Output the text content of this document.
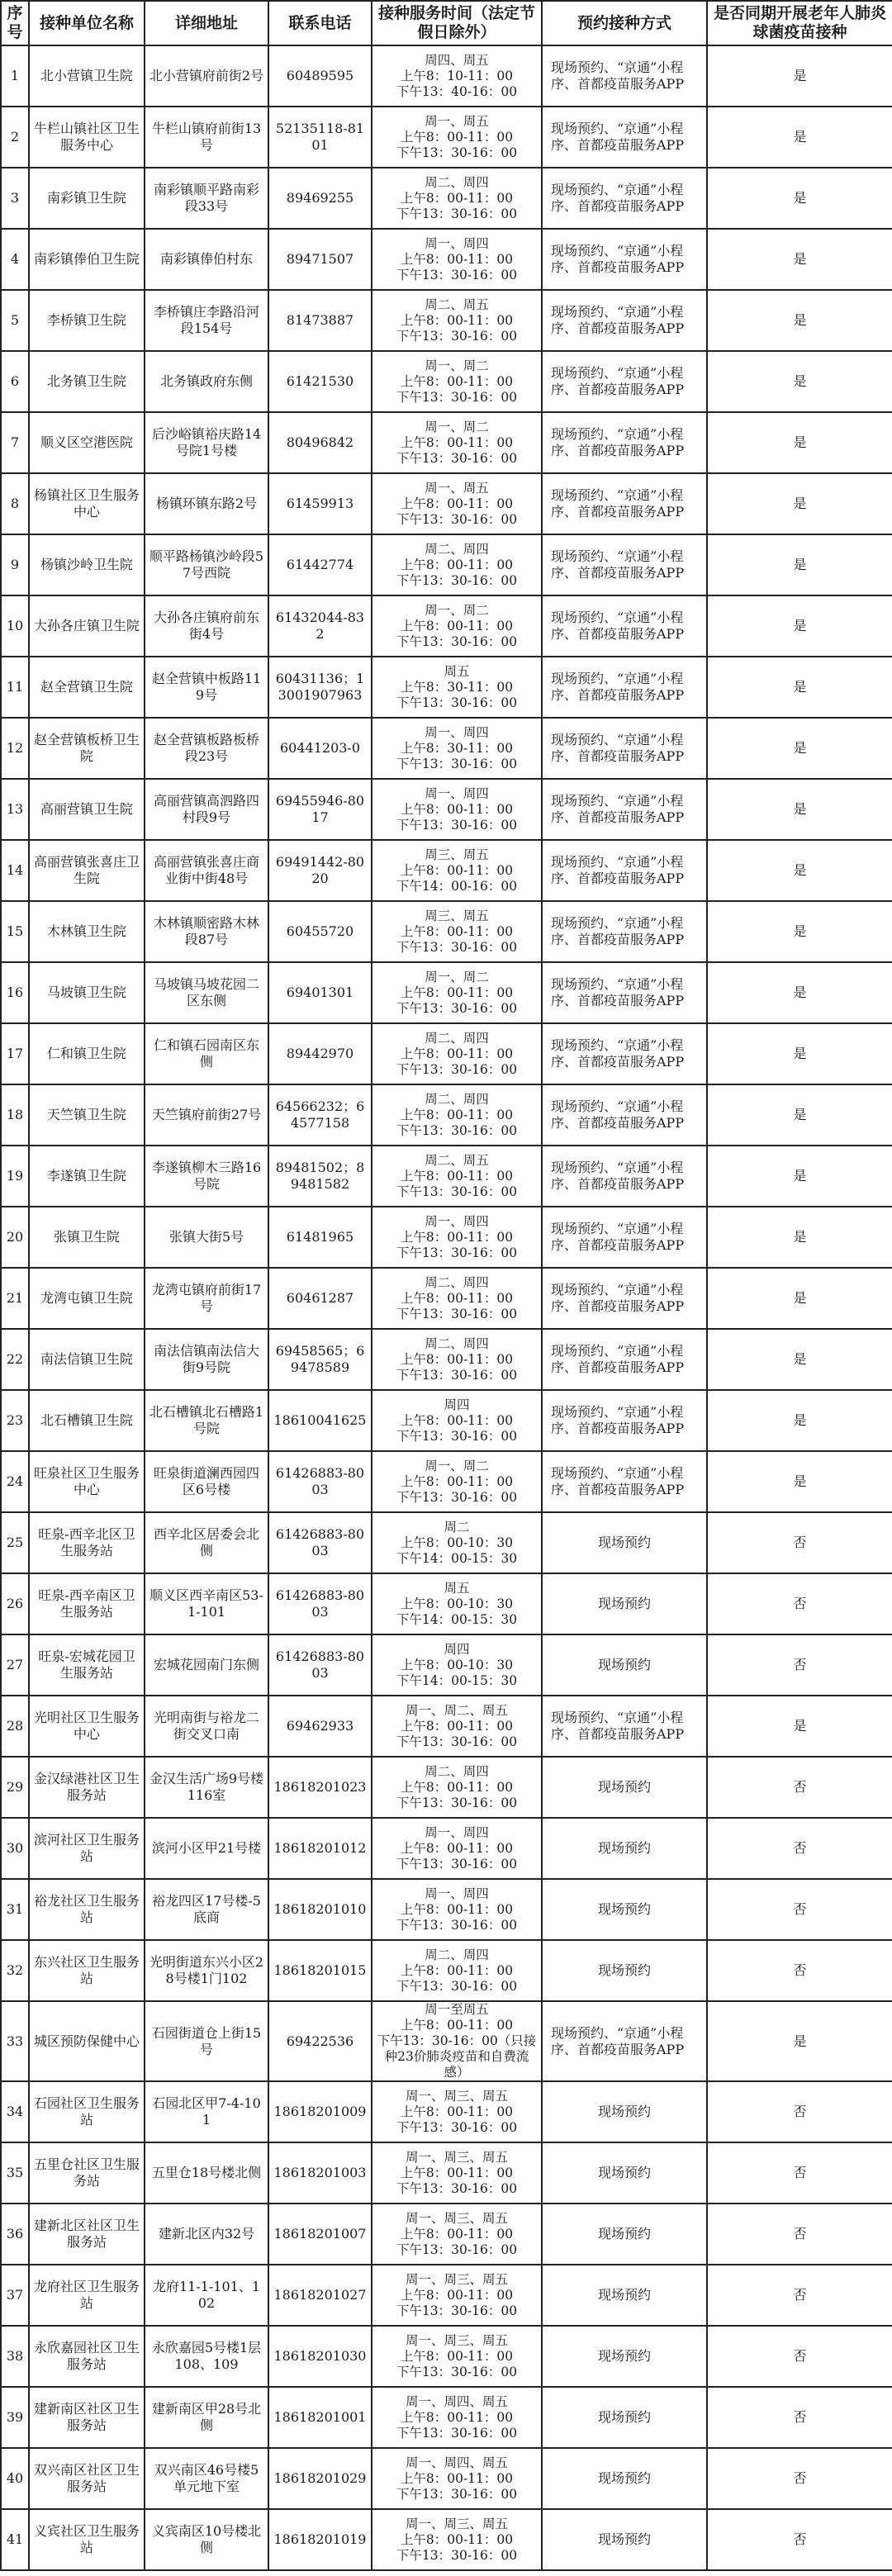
序号	接种单位名称	详细地址	联系电话	接种服务时间（法定节假日除外）	预约接种方式	是否同期开展老年人肺炎球菌疫苗接种
1	北小营镇卫生院	北小营镇府前街2号	60489595	周四、周五
上午8：10-11：00
下午13：40-16：00	现场预约、“京通”小程序、首都疫苗服务APP	是
2	牛栏山镇社区卫生服务中心	牛栏山镇府前街13号	52135118-8101	周一、周五
上午8：00-11：00
下午13：30-16：00	现场预约、“京通”小程序、首都疫苗服务APP	是
3	南彩镇卫生院	南彩镇顺平路南彩段33号	89469255	周二、周四
上午8：00-11：00
下午13：30-16：00	现场预约、“京通”小程序、首都疫苗服务APP	是
4	南彩镇俸伯卫生院	南彩镇俸伯村东	89471507	周一、周四
上午8：00-11：00
下午13：30-16：00	现场预约、“京通”小程序、首都疫苗服务APP	是
5	李桥镇卫生院	李桥镇庄李路沿河段154号	81473887	周二、周五
上午8：00-11：00
下午13：30-16：00	现场预约、“京通”小程序、首都疫苗服务APP	是
6	北务镇卫生院	北务镇政府东侧	61421530	周一、周二
上午8：00-11：00
下午13：30-16：00	现场预约、“京通”小程序、首都疫苗服务APP	是
7	顺义区空港医院	后沙峪镇裕庆路14号院1号楼	80496842	周一、周二
上午8：00-11：00
下午13：30-16：00	现场预约、“京通”小程序、首都疫苗服务APP	是
8	杨镇社区卫生服务中心	杨镇环镇东路2号	61459913	周一、周五
上午8：00-11：00
下午13：30-16：00	现场预约、“京通”小程序、首都疫苗服务APP	是
9	杨镇沙岭卫生院	顺平路杨镇沙岭段57号西院	61442774	周二、周四
上午8：00-11：00
下午13：30-16：00	现场预约、“京通”小程序、首都疫苗服务APP	是
10	大孙各庄镇卫生院	大孙各庄镇府前东街4号	61432044-832	周一、周二
上午8：00-11：00
下午13：30-16：00	现场预约、“京通”小程序、首都疫苗服务APP	是
11	赵全营镇卫生院	赵全营镇中板路119号	60431136；13001907963	周五
上午8：30-11：00
下午13：30-16：00	现场预约、“京通”小程序、首都疫苗服务APP	是
12	赵全营镇板桥卫生院	赵全营镇板路板桥段23号	60441203-0	周一、周四
上午8：30-11：00
下午13：30-16：00	现场预约、“京通”小程序、首都疫苗服务APP	是
13	高丽营镇卫生院	高丽营镇高泗路四村段9号	69455946-8017	周一、周四
上午8：00-11：00
下午13：30-16：00	现场预约、“京通”小程序、首都疫苗服务APP	是
14	高丽营镇张喜庄卫生院	高丽营镇张喜庄商业街中街48号	69491442-8020	周三、周五
上午8：00-11：00
下午14：00-16：00	现场预约、“京通”小程序、首都疫苗服务APP	是
15	木林镇卫生院	木林镇顺密路木林段87号	60455720	周三、周五
上午8：00-11：00
下午13：30-16：00	现场预约、“京通”小程序、首都疫苗服务APP	是
16	马坡镇卫生院	马坡镇马坡花园二区东侧	69401301	周一、周二
上午8：00-11：00
下午13：30-16：00	现场预约、“京通”小程序、首都疫苗服务APP	是
17	仁和镇卫生院	仁和镇石园南区东侧	89442970	周二、周四
上午8：00-11：00
下午13：30-16：00	现场预约、“京通”小程序、首都疫苗服务APP	是
18	天竺镇卫生院	天竺镇府前街27号	64566232；64577158	周二、周四
上午8：00-11：00
下午13：30-16：00	现场预约、“京通”小程序、首都疫苗服务APP	是
19	李遂镇卫生院	李遂镇柳木三路16号院	89481502；89481582	周二、周五
上午8：00-11：00
下午13：30-16：00	现场预约、“京通”小程序、首都疫苗服务APP	是
20	张镇卫生院	张镇大街5号	61481965	周一、周四
上午8：00-11：00
下午13：30-16：00	现场预约、“京通”小程序、首都疫苗服务APP	是
21	龙湾屯镇卫生院	龙湾屯镇府前街17号	60461287	周二、周四
上午8：00-11：00
下午13：30-16：00	现场预约、“京通”小程序、首都疫苗服务APP	是
22	南法信镇卫生院	南法信镇南法信大街9号院	69458565；69478589	周二、周四
上午8：00-11：00
下午13：30-16：00	现场预约、“京通”小程序、首都疫苗服务APP	是
23	北石槽镇卫生院	北石槽镇北石槽路1号院	18610041625	周四
上午8：00-11：00
下午13：30-16：00	现场预约、“京通”小程序、首都疫苗服务APP	是
24	旺泉社区卫生服务中心	旺泉街道澜西园四区6号楼	61426883-8003	周一、周二
上午8：00-11：00
下午13：30-16：00	现场预约、“京通”小程序、首都疫苗服务APP	是
25	旺泉-西辛北区卫生服务站	西辛北区居委会北侧	61426883-8003	周二
上午8：00-10：30
下午14：00-15：30	现场预约	否
26	旺泉-西辛南区卫生服务站	顺义区西辛南区53-1-101	61426883-8003	周五
上午8：00-10：30
下午14：00-15：30	现场预约	否
27	旺泉-宏城花园卫生服务站	宏城花园南门东侧	61426883-8003	周四
上午8：00-10：30
下午14：00-15：30	现场预约	否
28	光明社区卫生服务中心	光明南街与裕龙二街交叉口南	69462933	周一、周二、周五
上午8：00-11：00
下午13：30-16：00	现场预约、“京通”小程序、首都疫苗服务APP	是
29	金汉绿港社区卫生服务站	金汉生活广场9号楼116室	18618201023	周二、周四
上午8：00-11：00
下午13：30-16：00	现场预约	否
30	滨河社区卫生服务站	滨河小区甲21号楼	18618201012	周一、周四
上午8：00-11：00
下午13：30-16：00	现场预约	否
31	裕龙社区卫生服务站	裕龙四区17号楼-5底商	18618201010	周一、周四
上午8：00-11：00
下午13：30-16：00	现场预约	否
32	东兴社区卫生服务站	光明街道东兴小区28号楼1门102	18618201015	周二、周四
上午8：00-11：00
下午13：30-16：00	现场预约	否
33	城区预防保健中心	石园街道仓上街15号	69422536	周一至周五
上午8：00-11：00
下午13：30-16：00（只接种23价肺炎疫苗和自费流感）	现场预约、“京通”小程序、首都疫苗服务APP	是
34	石园社区卫生服务站	石园北区甲7-4-101	18618201009	周一、周三、周五
上午8：00-11：00
下午13：30-16：00	现场预约	否
35	五里仓社区卫生服务站	五里仓18号楼北侧	18618201003	周一、周三、周五
上午8：00-11：00
下午13：30-16：00	现场预约	否
36	建新北区社区卫生服务站	建新北区内32号	18618201007	周一、周三、周五
上午8：00-11：00
下午13：30-16：00	现场预约	否
37	龙府社区卫生服务站	龙府11-1-101、102	18618201027	周一、周三、周五
上午8：00-11：00
下午13：30-16：00	现场预约	否
38	永欣嘉园社区卫生服务站	永欣嘉园5号楼1层108、109	18618201030	周一、周三、周五
上午8：00-11：00
下午13：30-16：00	现场预约	否
39	建新南区社区卫生服务站	建新南区甲28号北侧	18618201001	周一、周四、周五
上午8：00-11：00
下午13：30-16：00	现场预约	否
40	双兴南区社区卫生服务站	双兴南区46号楼5单元地下室	18618201029	周一、周四、周五
上午8：00-11：00
下午13：30-16：00	现场预约	否
41	义宾社区卫生服务站	义宾南区10号楼北侧	18618201019	周一、周三、周五
上午8：00-11：00
下午13：30-16：00	现场预约	否
